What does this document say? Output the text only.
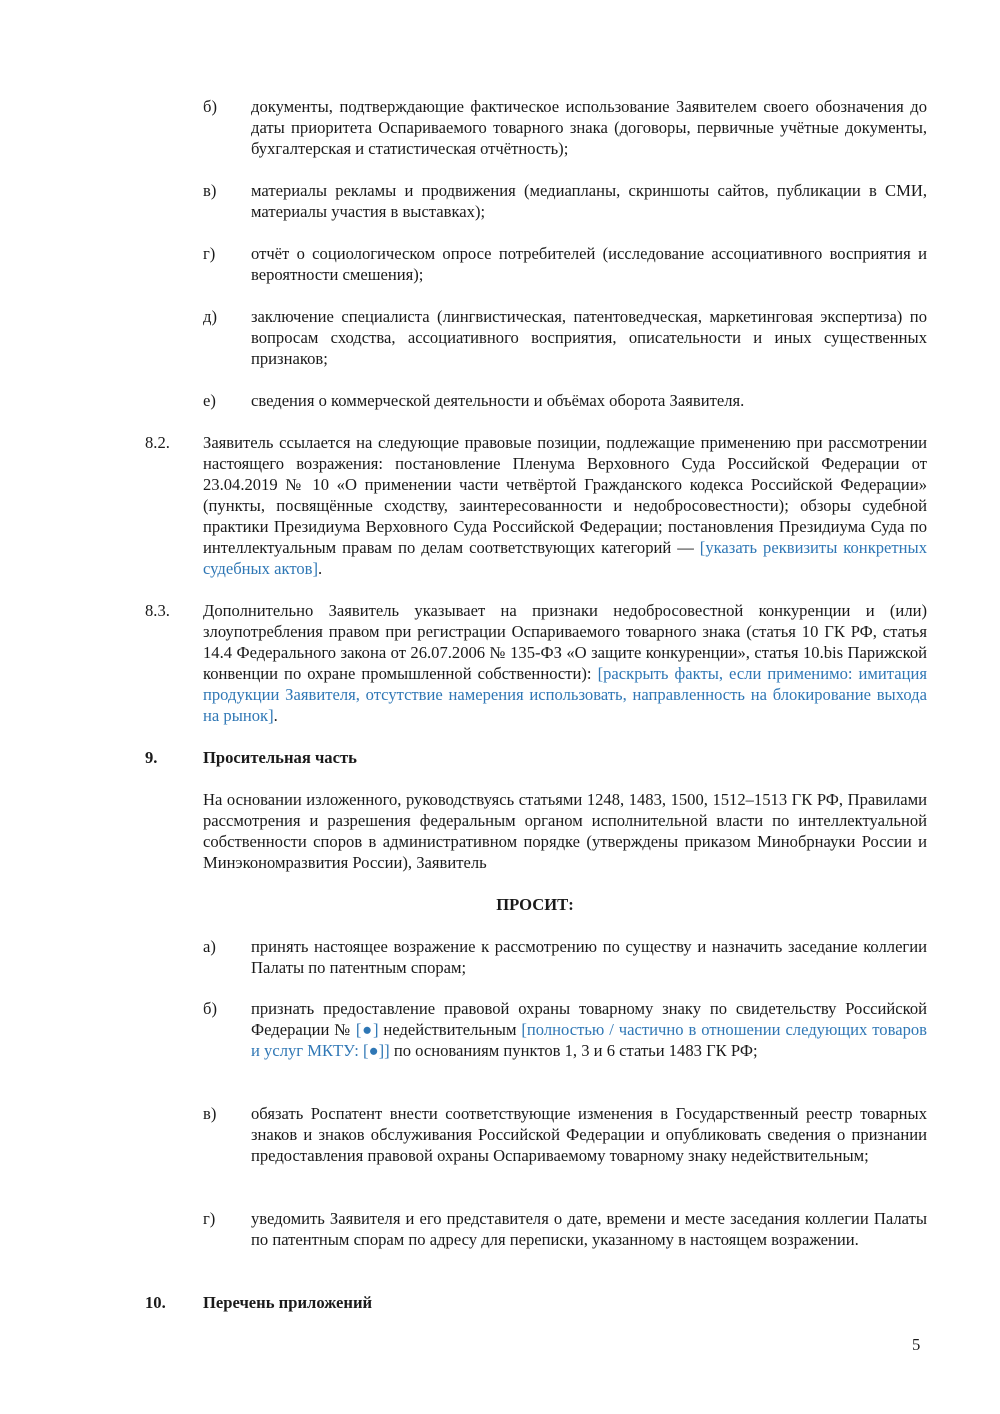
б) документы, подтверждающие фактическое использование Заявителем своего обозначения до даты приоритета Оспариваемого товарного знака (договоры, первичные учётные документы, бухгалтерская и статистическая отчётность);
в) материалы рекламы и продвижения (медиапланы, скриншоты сайтов, публикации в СМИ, материалы участия в выставках);
г) отчёт о социологическом опросе потребителей (исследование ассоциативного восприятия и вероятности смешения);
д) заключение специалиста (лингвистическая, патентоведческая, маркетинговая экспертиза) по вопросам сходства, ассоциативного восприятия, описательности и иных существенных признаков;
е) сведения о коммерческой деятельности и объёмах оборота Заявителя.
8.2. Заявитель ссылается на следующие правовые позиции, подлежащие применению при рассмотрении настоящего возражения: постановление Пленума Верховного Суда Российской Федерации от 23.04.2019 № 10 «О применении части четвёртой Гражданского кодекса Российской Федерации» (пункты, посвящённые сходству, заинтересованности и недобросовестности); обзоры судебной практики Президиума Верховного Суда Российской Федерации; постановления Президиума Суда по интеллектуальным правам по делам соответствующих категорий — [указать реквизиты конкретных судебных актов].
8.3. Дополнительно Заявитель указывает на признаки недобросовестной конкуренции и (или) злоупотребления правом при регистрации Оспариваемого товарного знака (статья 10 ГК РФ, статья 14.4 Федерального закона от 26.07.2006 № 135-ФЗ «О защите конкуренции», статья 10.bis Парижской конвенции по охране промышленной собственности): [раскрыть факты, если применимо: имитация продукции Заявителя, отсутствие намерения использовать, направленность на блокирование выхода на рынок].
9.	Просительная часть
На основании изложенного, руководствуясь статьями 1248, 1483, 1500, 1512–1513 ГК РФ, Правилами рассмотрения и разрешения федеральным органом исполнительной власти по интеллектуальной собственности споров в административном порядке (утверждены приказом Минобрнауки России и Минэкономразвития России), Заявитель
ПРОСИТ:
а) принять настоящее возражение к рассмотрению по существу и назначить заседание коллегии Палаты по патентным спорам;
б) признать предоставление правовой охраны товарному знаку по свидетельству Российской Федерации № [●] недействительным [полностью / частично в отношении следующих товаров и услуг МКТУ: [●]] по основаниям пунктов 1, 3 и 6 статьи 1483 ГК РФ;
в) обязать Роспатент внести соответствующие изменения в Государственный реестр товарных знаков и знаков обслуживания Российской Федерации и опубликовать сведения о признании предоставления правовой охраны Оспариваемому товарному знаку недействительным;
г) уведомить Заявителя и его представителя о дате, времени и месте заседания коллегии Палаты по патентным спорам по адресу для переписки, указанному в настоящем возражении.
10. Перечень приложений
5
